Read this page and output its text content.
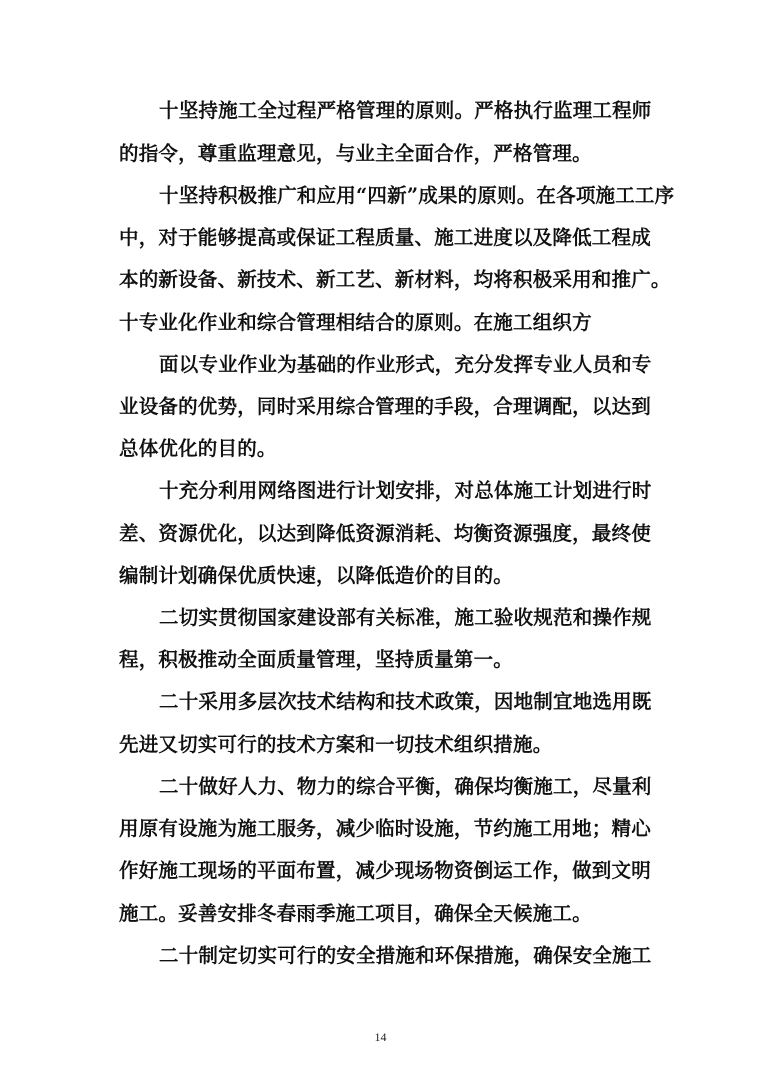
十坚持施工全过程严格管理的原则。严格执行监理工程师
的指令，尊重监理意见，与业主全面合作，严格管理。
十坚持积极推广和应用“四新”成果的原则。在各项施工工序
中，对于能够提高或保证工程质量、施工进度以及降低工程成
本的新设备、新技术、新工艺、新材料，均将积极采用和推广。
十专业化作业和综合管理相结合的原则。在施工组织方
面以专业作业为基础的作业形式，充分发挥专业人员和专
业设备的优势，同时采用综合管理的手段，合理调配，以达到
总体优化的目的。
十充分利用网络图进行计划安排，对总体施工计划进行时
差、资源优化，以达到降低资源消耗、均衡资源强度，最终使
编制计划确保优质快速，以降低造价的目的。
二切实贯彻国家建设部有关标准，施工验收规范和操作规
程，积极推动全面质量管理，坚持质量第一。
二十采用多层次技术结构和技术政策，因地制宜地选用既
先进又切实可行的技术方案和一切技术组织措施。
二十做好人力、物力的综合平衡，确保均衡施工，尽量利
用原有设施为施工服务，减少临时设施，节约施工用地；精心
作好施工现场的平面布置，减少现场物资倒运工作，做到文明
施工。妥善安排冬春雨季施工项目，确保全天候施工。
二十制定切实可行的安全措施和环保措施，确保安全施工
14
